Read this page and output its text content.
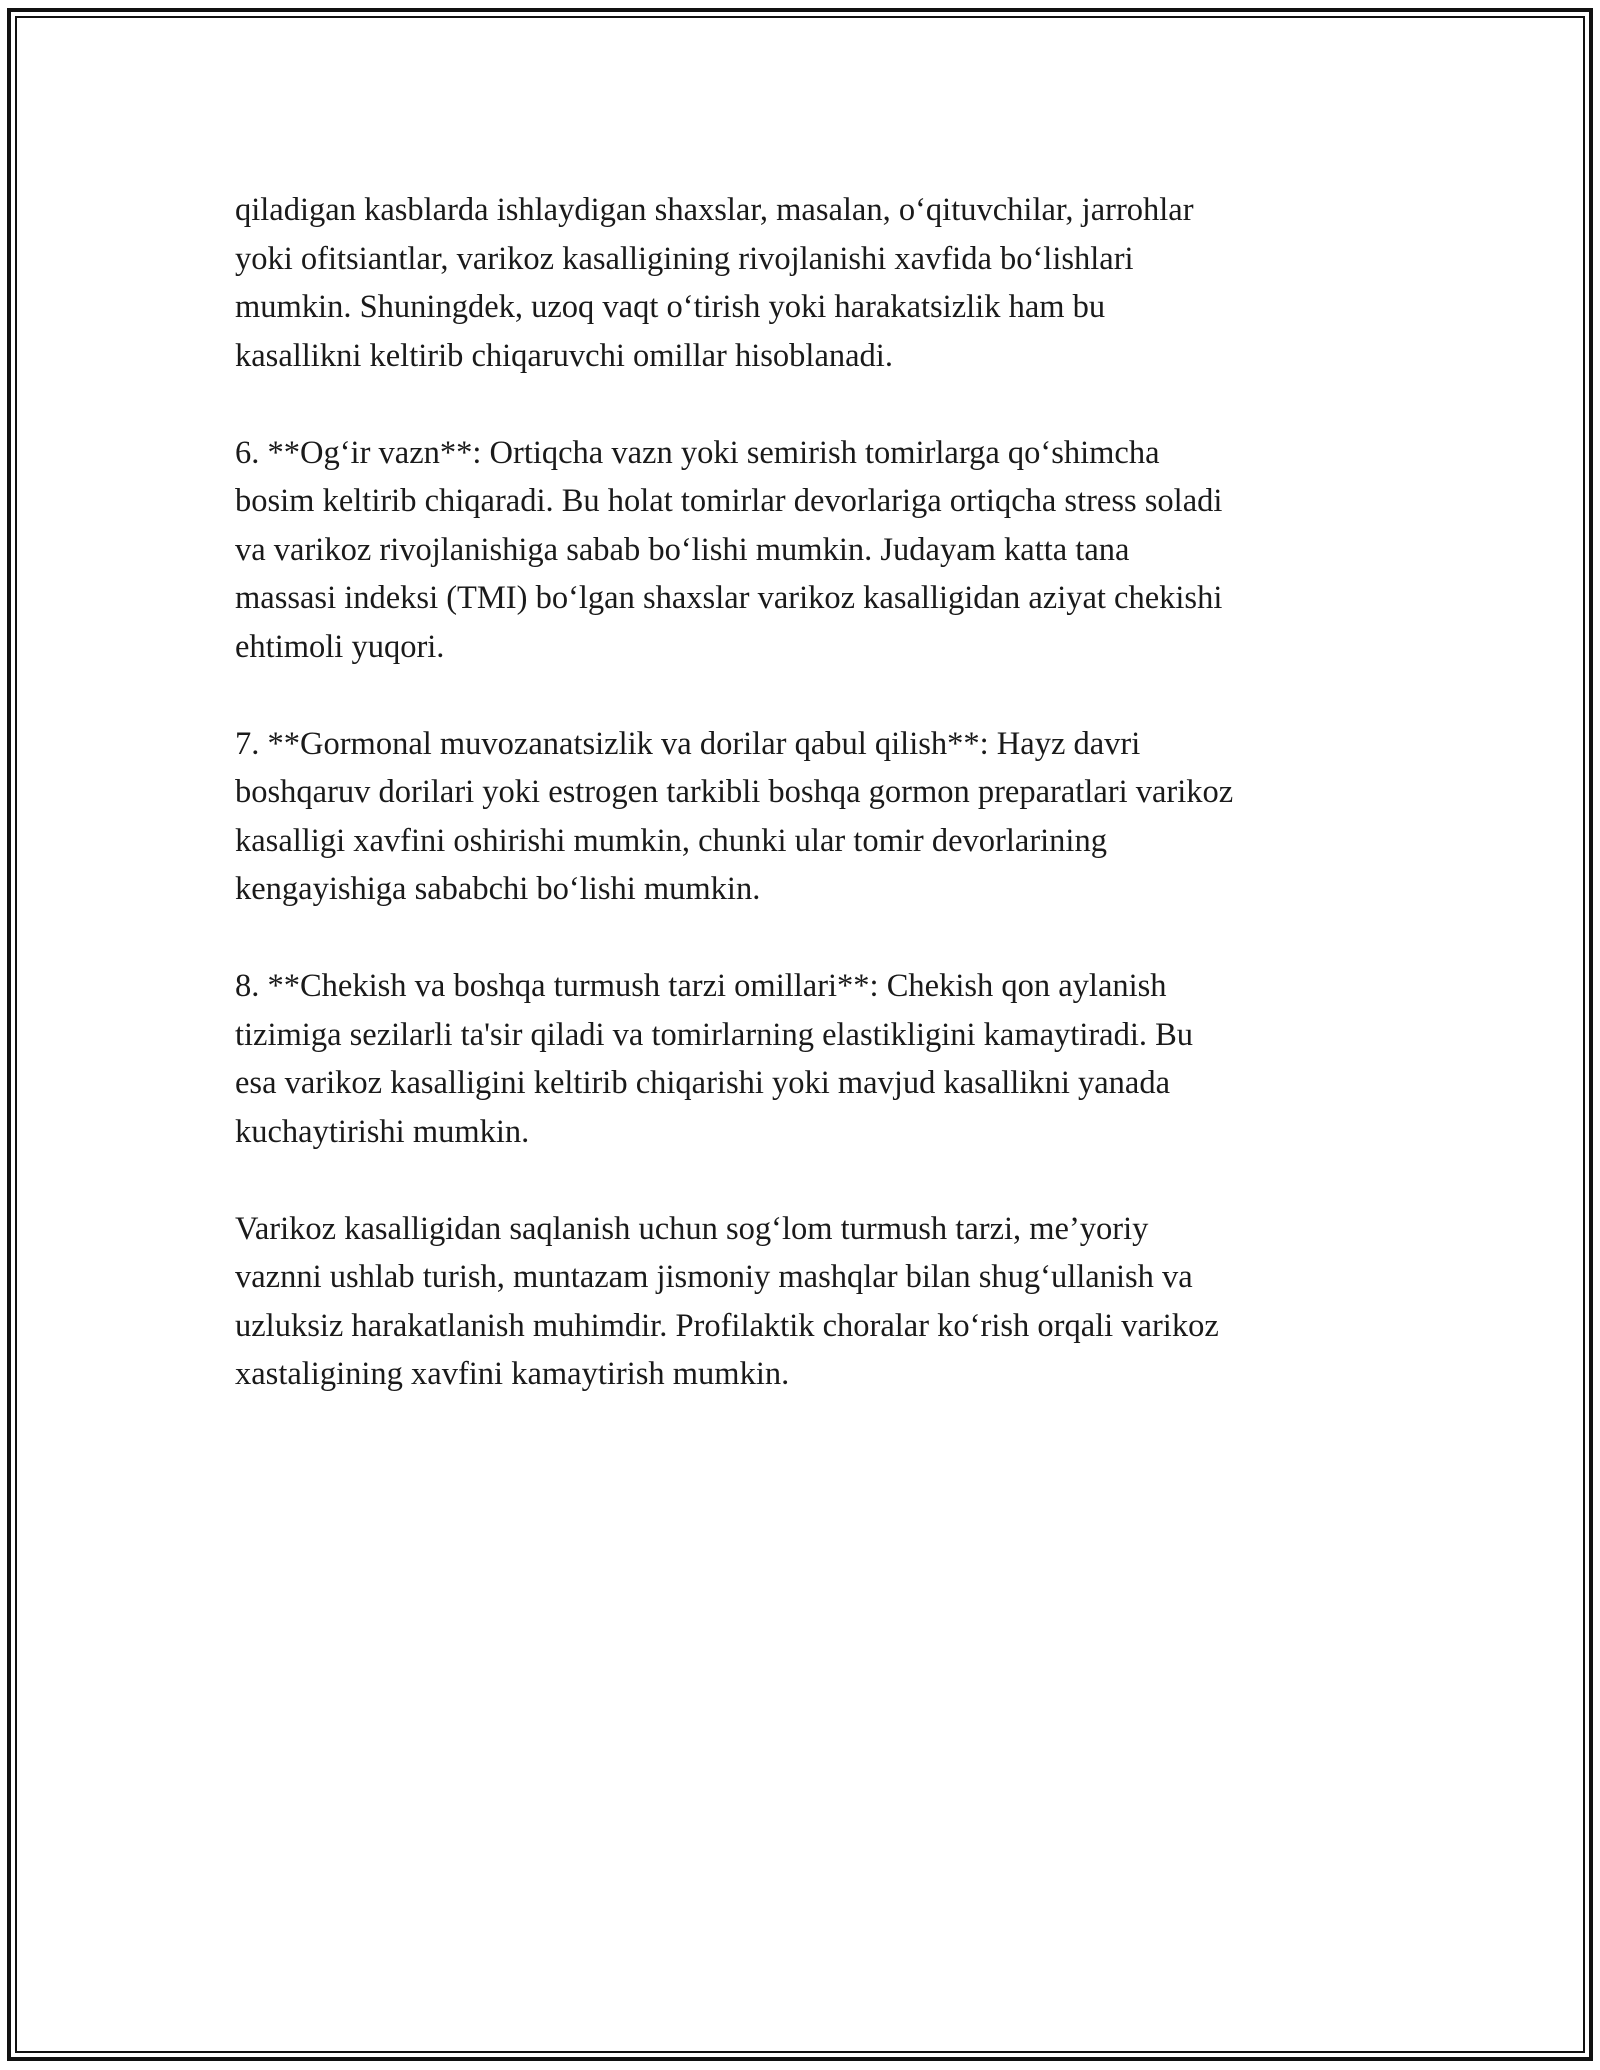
qiladigan kasblarda ishlaydigan shaxslar, masalan, o‘qituvchilar, jarrohlar
yoki ofitsiantlar, varikoz kasalligining rivojlanishi xavfida bo‘lishlari
mumkin. Shuningdek, uzoq vaqt o‘tirish yoki harakatsizlik ham bu
kasallikni keltirib chiqaruvchi omillar hisoblanadi.
6. **Og‘ir vazn**: Ortiqcha vazn yoki semirish tomirlarga qo‘shimcha
bosim keltirib chiqaradi. Bu holat tomirlar devorlariga ortiqcha stress soladi
va varikoz rivojlanishiga sabab bo‘lishi mumkin. Judayam katta tana
massasi indeksi (TMI) bo‘lgan shaxslar varikoz kasalligidan aziyat chekishi
ehtimoli yuqori.
7. **Gormonal muvozanatsizlik va dorilar qabul qilish**: Hayz davri
boshqaruv dorilari yoki estrogen tarkibli boshqa gormon preparatlari varikoz
kasalligi xavfini oshirishi mumkin, chunki ular tomir devorlarining
kengayishiga sababchi bo‘lishi mumkin.
8. **Chekish va boshqa turmush tarzi omillari**: Chekish qon aylanish
tizimiga sezilarli ta'sir qiladi va tomirlarning elastikligini kamaytiradi. Bu
esa varikoz kasalligini keltirib chiqarishi yoki mavjud kasallikni yanada
kuchaytirishi mumkin.
Varikoz kasalligidan saqlanish uchun sog‘lom turmush tarzi, me’yoriy
vaznni ushlab turish, muntazam jismoniy mashqlar bilan shug‘ullanish va
uzluksiz harakatlanish muhimdir. Profilaktik choralar ko‘rish orqali varikoz
xastaligining xavfini kamaytirish mumkin.
